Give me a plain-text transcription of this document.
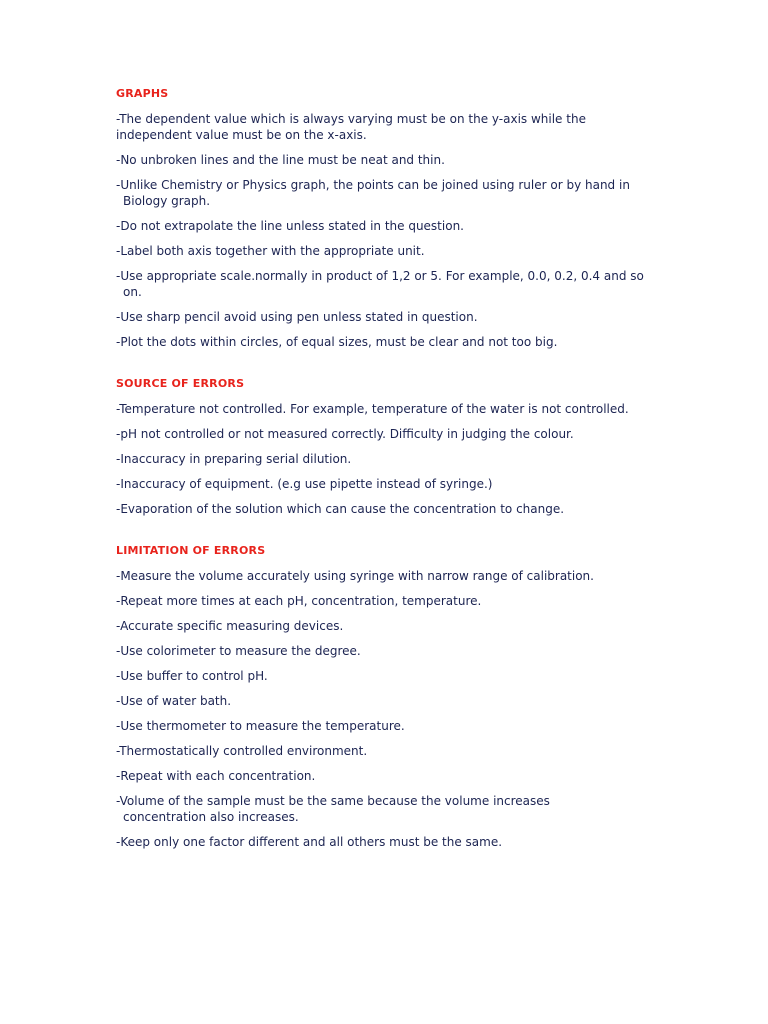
GRAPHS
-The dependent value which is always varying must be on the y-axis while the
independent value must be on the x-axis.
-No unbroken lines and the line must be neat and thin.
-Unlike Chemistry or Physics graph, the points can be joined using ruler or by hand in
Biology graph.
-Do not extrapolate the line unless stated in the question.
-Label both axis together with the appropriate unit.
-Use appropriate scale.normally in product of 1,2 or 5. For example, 0.0, 0.2, 0.4 and so
on.
-Use sharp pencil avoid using pen unless stated in question.
-Plot the dots within circles, of equal sizes, must be clear and not too big.
SOURCE OF ERRORS
-Temperature not controlled. For example, temperature of the water is not controlled.
-pH not controlled or not measured correctly. Difficulty in judging the colour.
-Inaccuracy in preparing serial dilution.
-Inaccuracy of equipment. (e.g use pipette instead of syringe.)
-Evaporation of the solution which can cause the concentration to change.
LIMITATION OF ERRORS
-Measure the volume accurately using syringe with narrow range of calibration.
-Repeat more times at each pH, concentration, temperature.
-Accurate specific measuring devices.
-Use colorimeter to measure the degree.
-Use buffer to control pH.
-Use of water bath.
-Use thermometer to measure the temperature.
-Thermostatically controlled environment.
-Repeat with each concentration.
-Volume of the sample must be the same because the volume increases
concentration also increases.
-Keep only one factor different and all others must be the same.
